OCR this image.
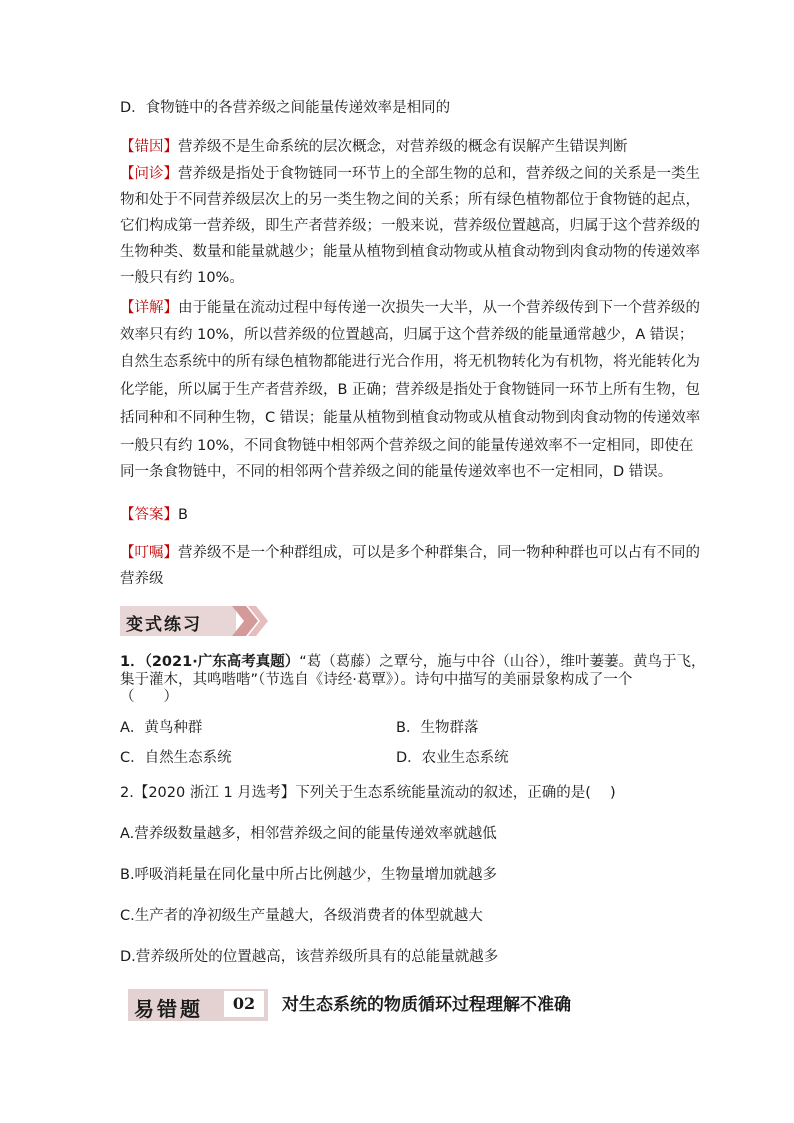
D．食物链中的各营养级之间能量传递效率是相同的
【错因】营养级不是生命系统的层次概念，对营养级的概念有误解产生错误判断
【问诊】营养级是指处于食物链同一环节上的全部生物的总和，营养级之间的关系是一类生
物和处于不同营养级层次上的另一类生物之间的关系；所有绿色植物都位于食物链的起点，
它们构成第一营养级，即生产者营养级；一般来说，营养级位置越高，归属于这个营养级的
生物种类、数量和能量就越少；能量从植物到植食动物或从植食动物到肉食动物的传递效率
一般只有约 10%。
【详解】由于能量在流动过程中每传递一次损失一大半，从一个营养级传到下一个营养级的
效率只有约 10%，所以营养级的位置越高，归属于这个营养级的能量通常越少，A 错误；
自然生态系统中的所有绿色植物都能进行光合作用，将无机物转化为有机物，将光能转化为
化学能，所以属于生产者营养级，B 正确；营养级是指处于食物链同一环节上所有生物，包
括同种和不同种生物，C 错误；能量从植物到植食动物或从植食动物到肉食动物的传递效率
一般只有约 10%，不同食物链中相邻两个营养级之间的能量传递效率不一定相同，即使在
同一条食物链中，不同的相邻两个营养级之间的能量传递效率也不一定相同，D 错误。
【答案】B
【叮嘱】营养级不是一个种群组成，可以是多个种群集合，同一物种种群也可以占有不同的
营养级
变式练习
1．（2021·广东高考真题）“葛（葛藤）之覃兮，施与中谷（山谷），维叶萋萋。黄鸟于飞，
集于灌木，其鸣喈喈”（节选自《诗经·葛覃》）。诗句中描写的美丽景象构成了一个
（　　）
A．黄鸟种群	B．生物群落
C．自然生态系统	D．农业生态系统
2.【2020 浙江 1 月选考】下列关于生态系统能量流动的叙述，正确的是(　 )
A.营养级数量越多，相邻营养级之间的能量传递效率就越低
B.呼吸消耗量在同化量中所占比例越少，生物量增加就越多
C.生产者的净初级生产量越大，各级消费者的体型就越大
D.营养级所处的位置越高，该营养级所具有的总能量就越多
易错题	02	对生态系统的物质循环过程理解不准确
